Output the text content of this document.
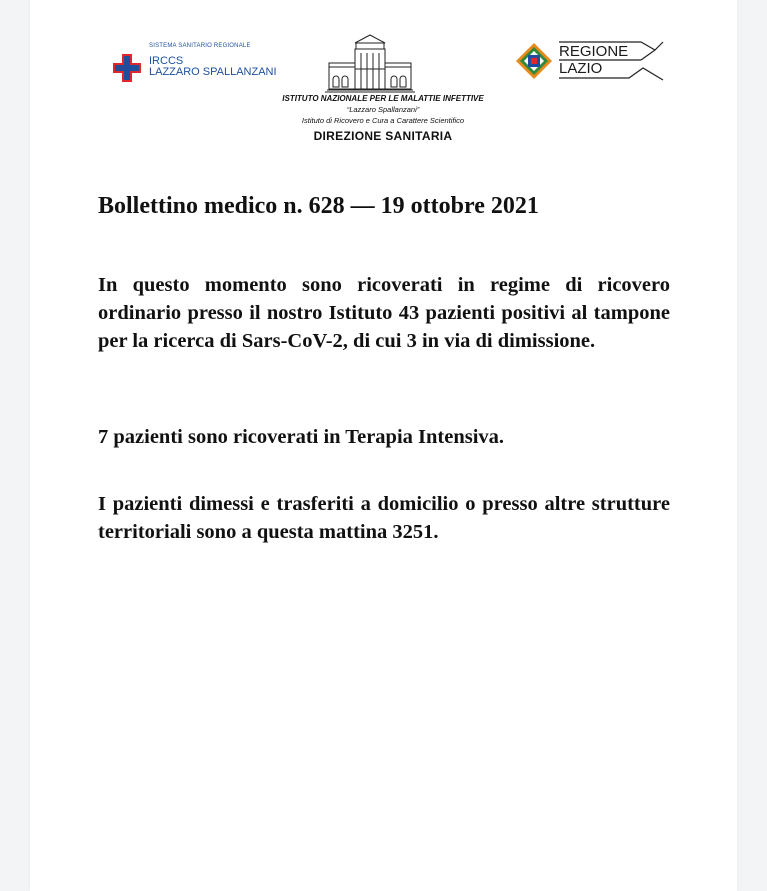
SISTEMA SANITARIO REGIONALE
IRCCS
LAZZARO SPALLANZANI
ISTITUTO NAZIONALE PER LE MALATTIE INFETTIVE
“Lazzaro Spallanzani”
Istituto di Ricovero e Cura a Carattere Scientifico
DIREZIONE SANITARIA
REGIONE
LAZIO
Bollettino medico n. 628 — 19 ottobre 2021
In questo momento sono ricoverati in regime di ricovero ordinario presso il nostro Istituto 43 pazienti positivi al tampone per la ricerca di Sars-CoV-2, di cui 3 in via di dimissione.
7 pazienti sono ricoverati in Terapia Intensiva.
I pazienti dimessi e trasferiti a domicilio o presso altre strutture territoriali sono a questa mattina 3251.
